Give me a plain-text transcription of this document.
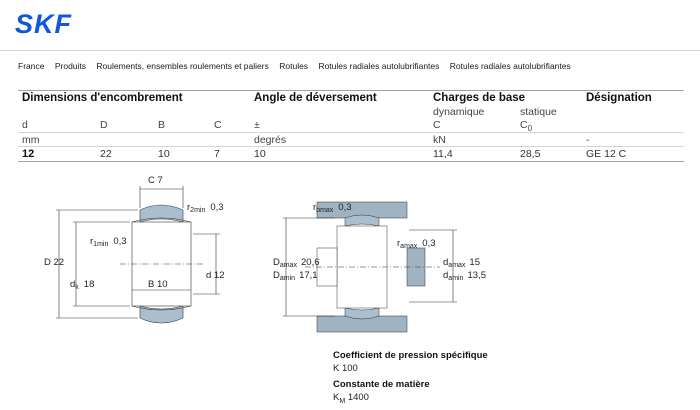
SKF
France Produits Roulements, ensembles roulements et paliers Rotules Rotules radiales autolubrifiantes Rotules radiales autolubrifiantes
Dimensions d'encombrement	Angle de déversement	Charges de base	Désignation
dynamique	statique
d	D	B	C	±	C	$C_0$
mm	degrés	kN	-
12	22	10	7	10	11,4	28,5	GE 12 C
C 7
$r_{2min}$ 0,3
$r_{1min}$ 0,3
D 22
$d_k$ 18	B 10
d 12
$r_{bmax}$ 0,3
$r_{amax}$ 0,3
$D_{amax}$ 20,6
$D_{amin}$ 17,1
$d_{amax}$ 15
$d_{amin}$ 13,5
Coefficient de pression spécifique
K 100
Constante de matière
$K_M$ 1400
